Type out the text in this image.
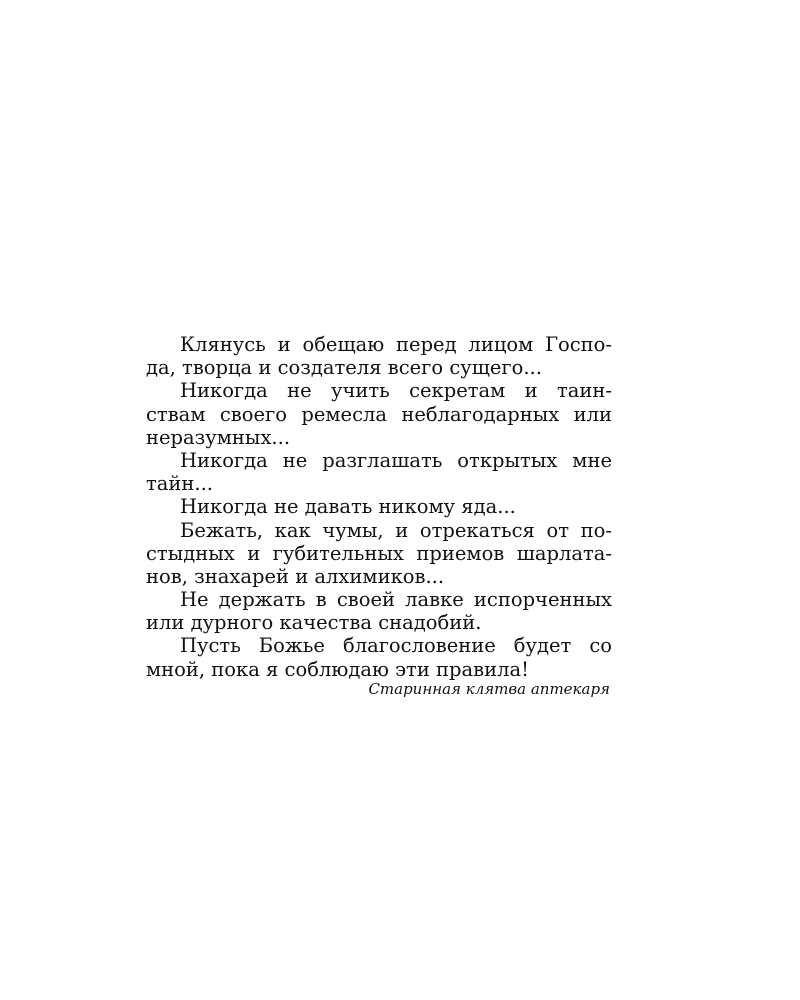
Клянусь и обещаю перед лицом Госпо-
да, творца и создателя всего сущего...
Никогда не учить секретам и таин-
ствам своего ремесла неблагодарных или
неразумных...
Никогда не разглашать открытых мне
тайн...
Никогда не давать никому яда...
Бежать, как чумы, и отрекаться от по-
стыдных и губительных приемов шарлата-
нов, знахарей и алхимиков...
Не держать в своей лавке испорченных
или дурного качества снадобий.
Пусть Божье благословение будет со
мной, пока я соблюдаю эти правила!
Старинная клятва аптекаря
